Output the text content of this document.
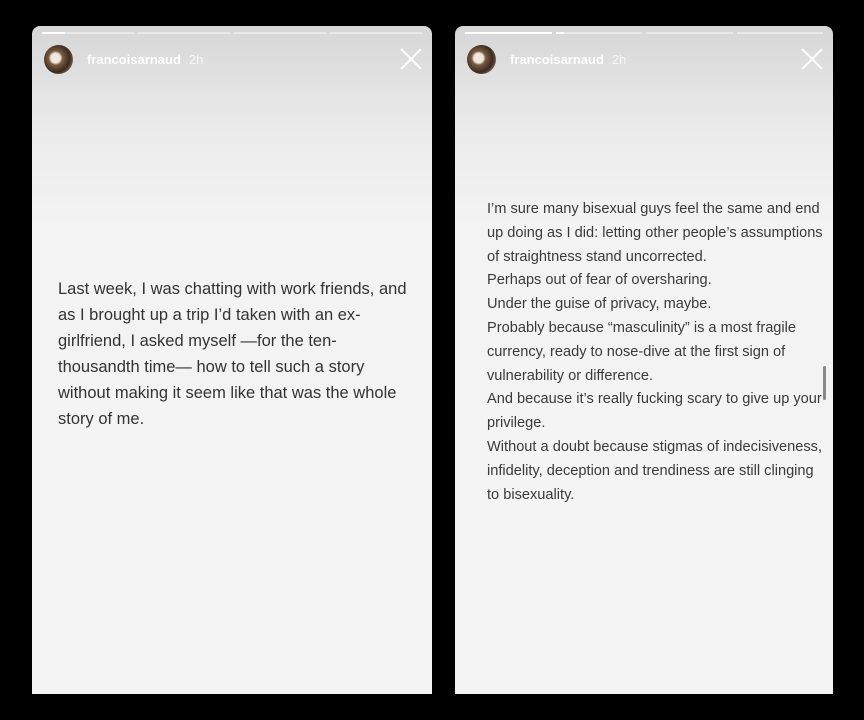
francoisarnaud 2h
Last week, I was chatting with work friends, and as I brought up a trip I’d taken with an ex-girlfriend, I asked myself —for the ten-thousandth time— how to tell such a story without making it seem like that was the whole story of me.
francoisarnaud 2h
I’m sure many bisexual guys feel the same and end up doing as I did: letting other people’s assumptions of straightness stand uncorrected.
Perhaps out of fear of oversharing.
Under the guise of privacy, maybe.
Probably because “masculinity” is a most fragile currency, ready to nose-dive at the first sign of vulnerability or difference.
And because it’s really fucking scary to give up your privilege.
Without a doubt because stigmas of indecisiveness, infidelity, deception and trendiness are still clinging to bisexuality.
